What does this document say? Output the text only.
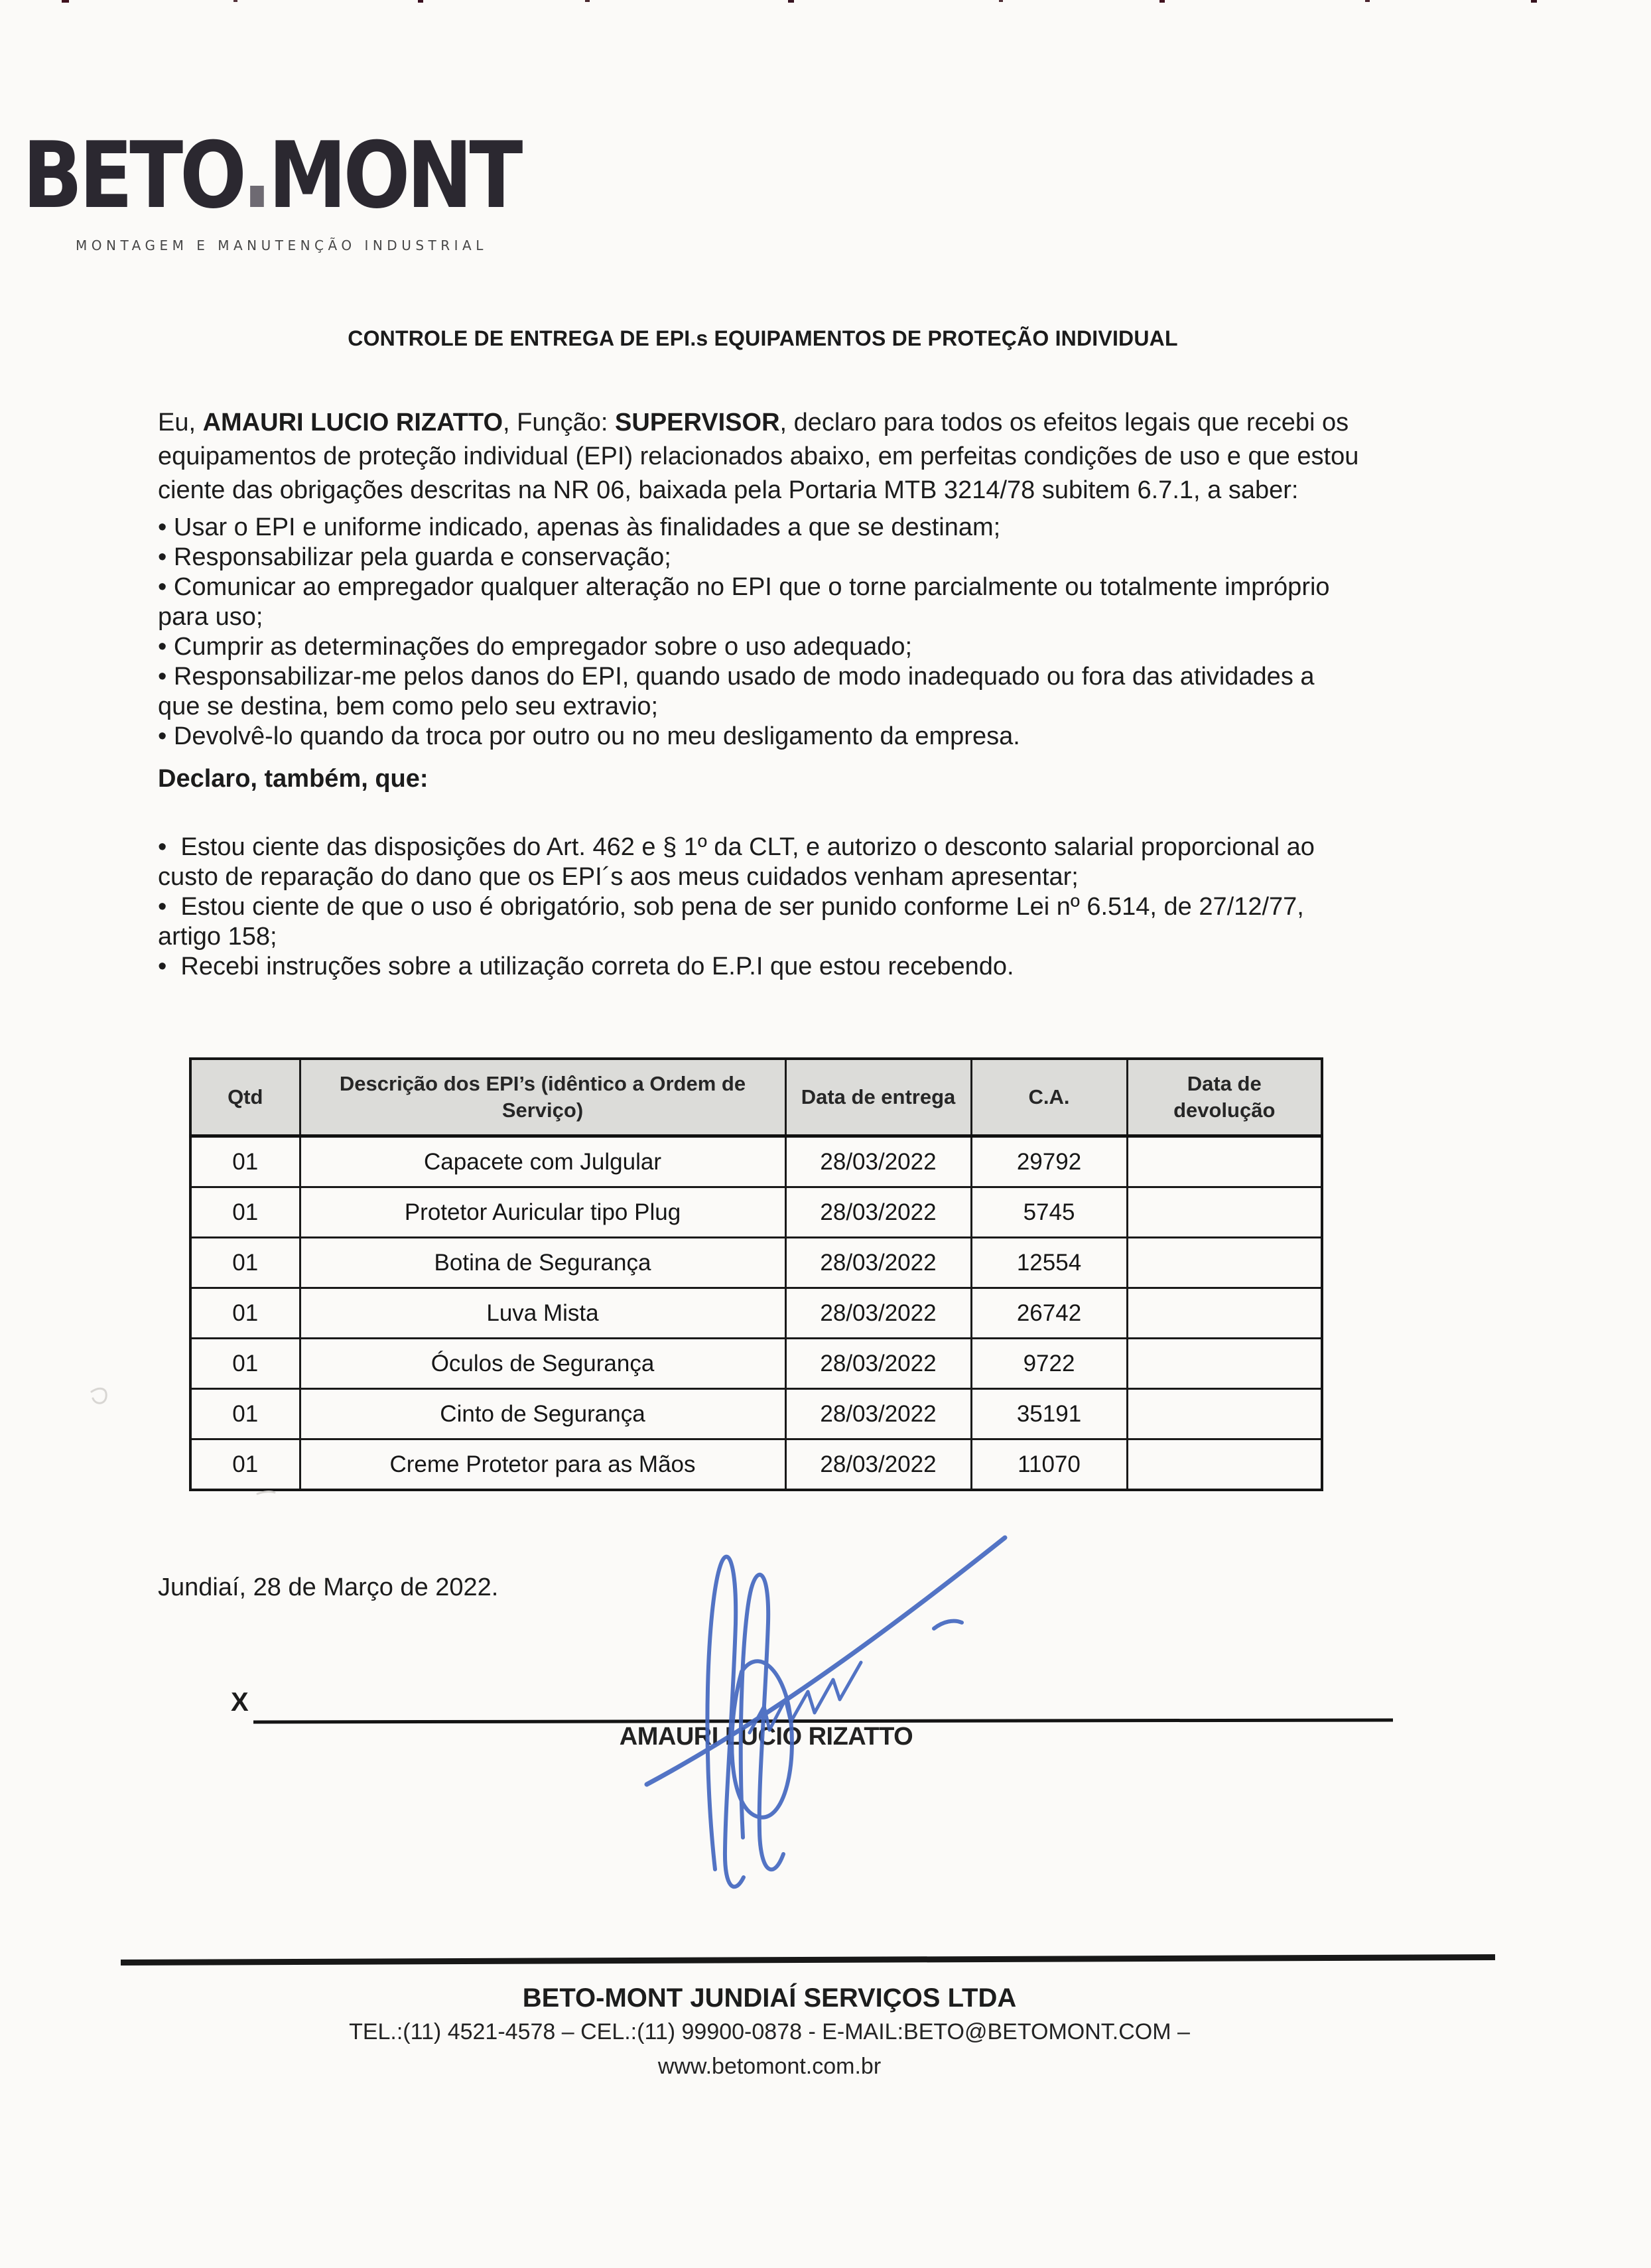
BETO MONT
MONTAGEM E MANUTENÇÃO INDUSTRIAL
CONTROLE DE ENTREGA DE EPI.s EQUIPAMENTOS DE PROTEÇÃO INDIVIDUAL

Eu, AMAURI LUCIO RIZATTO, Função: SUPERVISOR, declaro para todos os efeitos legais que recebi os equipamentos de proteção individual (EPI) relacionados abaixo, em perfeitas condições de uso e que estou ciente das obrigações descritas na NR 06, baixada pela Portaria MTB 3214/78 subitem 6.7.1, a saber:

• Usar o EPI e uniforme indicado, apenas às finalidades a que se destinam;
• Responsabilizar pela guarda e conservação;
• Comunicar ao empregador qualquer alteração no EPI que o torne parcialmente ou totalmente impróprio para uso;
• Cumprir as determinações do empregador sobre o uso adequado;
• Responsabilizar-me pelos danos do EPI, quando usado de modo inadequado ou fora das atividades a que se destina, bem como pelo seu extravio;
• Devolvê-lo quando da troca por outro ou no meu desligamento da empresa.

Declaro, também, que:

•  Estou ciente das disposições do Art. 462 e § 1º da CLT, e autorizo o desconto salarial proporcional ao custo de reparação do dano que os EPI´s aos meus cuidados venham apresentar;
•  Estou ciente de que o uso é obrigatório, sob pena de ser punido conforme Lei nº 6.514, de 27/12/77, artigo 158;
•  Recebi instruções sobre a utilização correta do E.P.I que estou recebendo.
Qtd	Descrição dos EPI’s (idêntico a Ordem de Serviço)	Data de entrega	C.A.	Data de devolução
01	Capacete com Julgular	28/03/2022	29792	
01	Protetor Auricular tipo Plug	28/03/2022	5745	
01	Botina de Segurança	28/03/2022	12554	
01	Luva Mista	28/03/2022	26742	
01	Óculos de Segurança	28/03/2022	9722	
01	Cinto de Segurança	28/03/2022	35191	
01	Creme Protetor para as Mãos	28/03/2022	11070	

Jundiaí, 28 de Março de 2022.

X

AMAURI LUCIO RIZATTO

BETO-MONT JUNDIAÍ SERVIÇOS LTDA

TEL.:(11) 4521-4578 – CEL.:(11) 99900-0878 - E-MAIL:BETO@BETOMONT.COM –

www.betomont.com.br
